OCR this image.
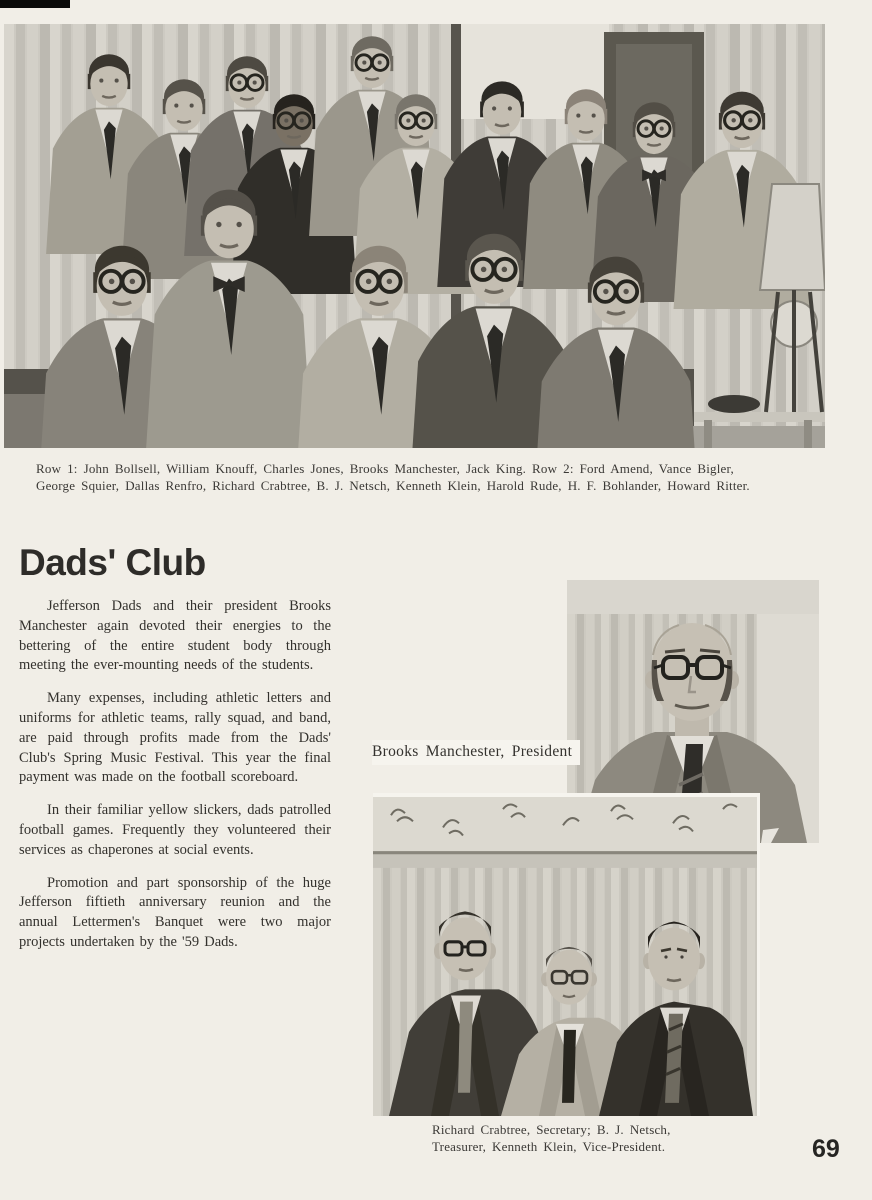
Row 1: John Bollsell, William Knouff, Charles Jones, Brooks Manchester, Jack King. Row 2: Ford Amend, Vance Bigler,
George Squier, Dallas Renfro, Richard Crabtree, B. J. Netsch, Kenneth Klein, Harold Rude, H. F. Bohlander, Howard Ritter.
Dads' Club

Jefferson Dads and their president Brooks Manchester again devoted their energies to the bettering of the entire student body through meeting the ever-mounting needs of the students.

Many expenses, including athletic letters and uniforms for athletic teams, rally squad, and band, are paid through profits made from the Dads' Club's Spring Music Festival. This year the final payment was made on the football scoreboard.

In their familiar yellow slickers, dads patrolled football games. Frequently they volunteered their services as chaperones at social events.

Promotion and part sponsorship of the huge Jefferson fiftieth anniversary reunion and the annual Lettermen's Banquet were two major projects undertaken by the '59 Dads.

Brooks Manchester, President
Richard Crabtree, Secretary; B. J. Netsch,
Treasurer, Kenneth Klein, Vice-President.	69
